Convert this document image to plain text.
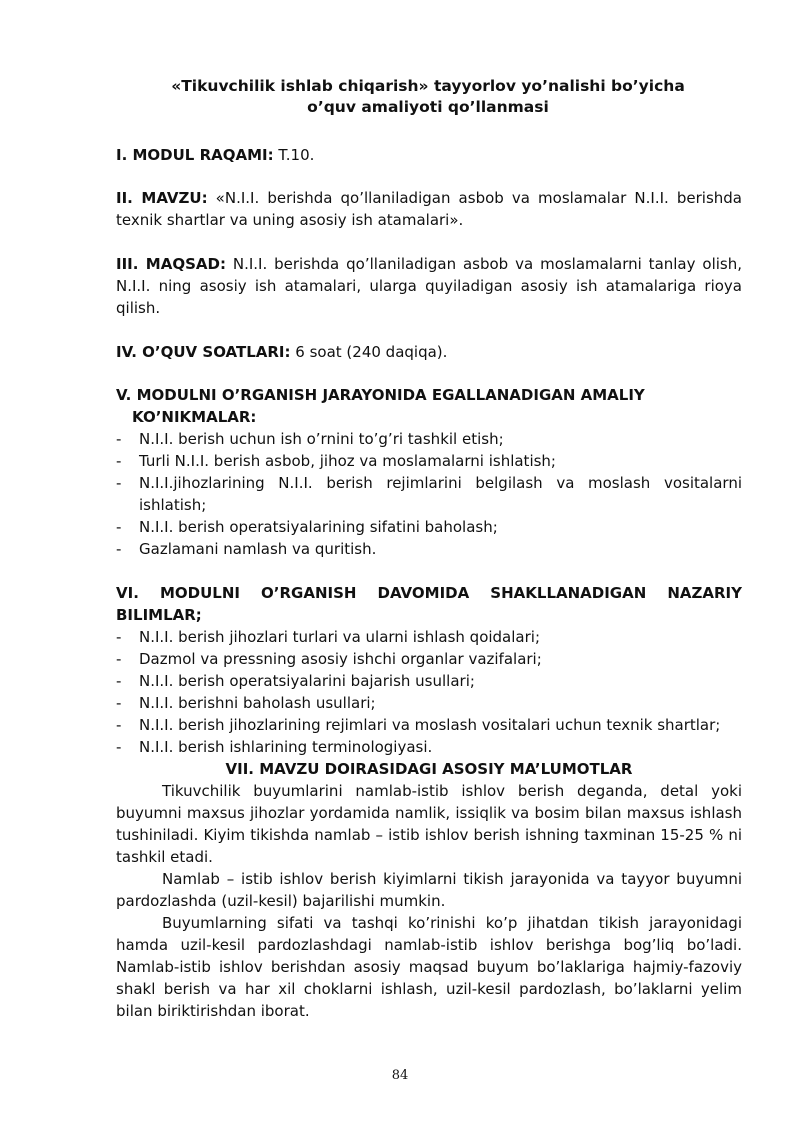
«Tikuvchilik ishlab chiqarish» tayyorlov yo’nalishi bo’yicha
o’quv amaliyoti qo’llanmasi
I. MODUL RAQAMI: T.10.
II. MAVZU: «N.I.I. berishda qo’llaniladigan asbob va moslamalar N.I.I. berishda texnik shartlar va uning asosiy ish atamalari».
III. MAQSAD: N.I.I. berishda qo’llaniladigan asbob va moslamalarni tanlay olish, N.I.I. ning asosiy ish atamalari, ularga quyiladigan asosiy ish atamalariga rioya qilish.
IV. O’QUV SOATLARI: 6 soat (240 daqiqa).
V. MODULNI O’RGANISH JARAYONIDA EGALLANADIGAN AMALIY
KO’NIKMALAR:
- N.I.I. berish uchun ish o’rnini to’g’ri tashkil etish;
- Turli N.I.I. berish asbob, jihoz va moslamalarni ishlatish;
- N.I.I.jihozlarining N.I.I. berish rejimlarini belgilash va moslash vositalarni ishlatish;
- N.I.I. berish operatsiyalarining sifatini baholash;
- Gazlamani namlash va quritish.
VI. MODULNI O’RGANISH DAVOMIDA SHAKLLANADIGAN NAZARIY BILIMLAR;
- N.I.I. berish jihozlari turlari va ularni ishlash qoidalari;
- Dazmol va pressning asosiy ishchi organlar vazifalari;
- N.I.I. berish operatsiyalarini bajarish usullari;
- N.I.I. berishni baholash usullari;
- N.I.I. berish jihozlarining rejimlari va moslash vositalari uchun texnik shartlar;
- N.I.I. berish ishlarining terminologiyasi.
VII. MAVZU DOIRASIDAGI ASOSIY MA’LUMOTLAR

Tikuvchilik buyumlarini namlab-istib ishlov berish deganda, detal yoki buyumni maxsus jihozlar yordamida namlik, issiqlik va bosim bilan maxsus ishlash tushiniladi. Kiyim tikishda namlab – istib ishlov berish ishning taxminan 15-25 % ni tashkil etadi.

Namlab – istib ishlov berish kiyimlarni tikish jarayonida va tayyor buyumni pardozlashda (uzil-kesil) bajarilishi mumkin.

Buyumlarning sifati va tashqi ko’rinishi ko’p jihatdan tikish jarayonidagi hamda uzil-kesil pardozlashdagi namlab-istib ishlov berishga bog’liq bo’ladi. Namlab-istib ishlov berishdan asosiy maqsad buyum bo’laklariga hajmiy-fazoviy shakl berish va har xil choklarni ishlash, uzil-kesil pardozlash, bo’laklarni yelim bilan biriktirishdan iborat.

84
